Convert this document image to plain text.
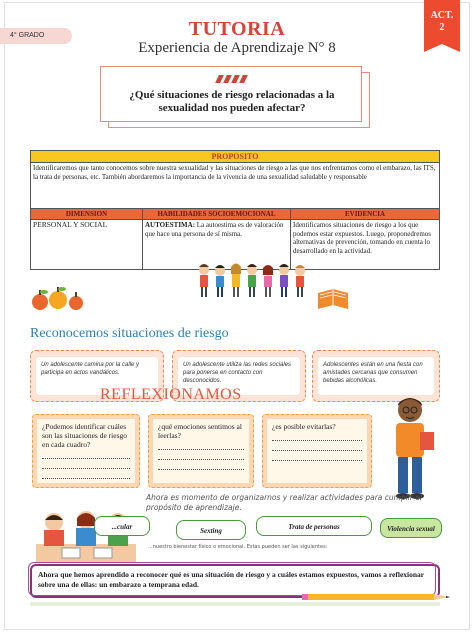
4° GRADO
ACT.
2
TUTORIA
Experiencia de Aprendizaje N° 8
¿Qué situaciones de riesgo relacionadas a la sexualidad nos pueden afectar?
PROPOSITO		
Identificaremos que tanto conocemos sobre nuestra sexualidad y las situaciones de riesgo a las que nos enfrentamos como el embarazo, las ITS, la trata de personas, etc. También abordaremos la importancia de la vivencia de una sexualidad saludable y responsable		
DIMENSION	HABILIDADES SOCIOEMOCIONAL	EVIDENCIA
PERSONAL Y SOCIAL	AUTOESTIMA: La autoestima es de valoración que hace una persona de sí misma.	Identificamos situaciones de riesgo a los que podemos estar expuestos. Luego, proponedremos alternativas de prevención, tomando en cuenta lo desarrollado en la actividad.
Reconocemos situaciones de riesgo
Un adolescente camina por la calle y participa en actos vandálicos.
Un adolescente utiliza las redes sociales para ponerse en contacto con desconocidos.
Adolescentes están en una fiesta con amistades cercanas que consumen bebidas alcohólicas.
REFLEXIONAMOS
¿Podemos identificar cuáles son las situaciones de riesgo en cada cuadro?
¿qué emociones sentimos al leerlas?
¿es posible evitarlas?
Ahora es momento de organizarnos y realizar actividades para cumplir el propósito de aprendizaje.
...cular	Sexting	Trata de personas	Violencia sexual
...nuestro bienestar físico o emocional. Estas pueden ser las siguientes:
Ahora que hemos aprendido a reconocer qué es una situación de riesgo y a cuáles estamos expuestos, vamos a reflexionar sobre una de ellas: un embarazo a temprana edad.
